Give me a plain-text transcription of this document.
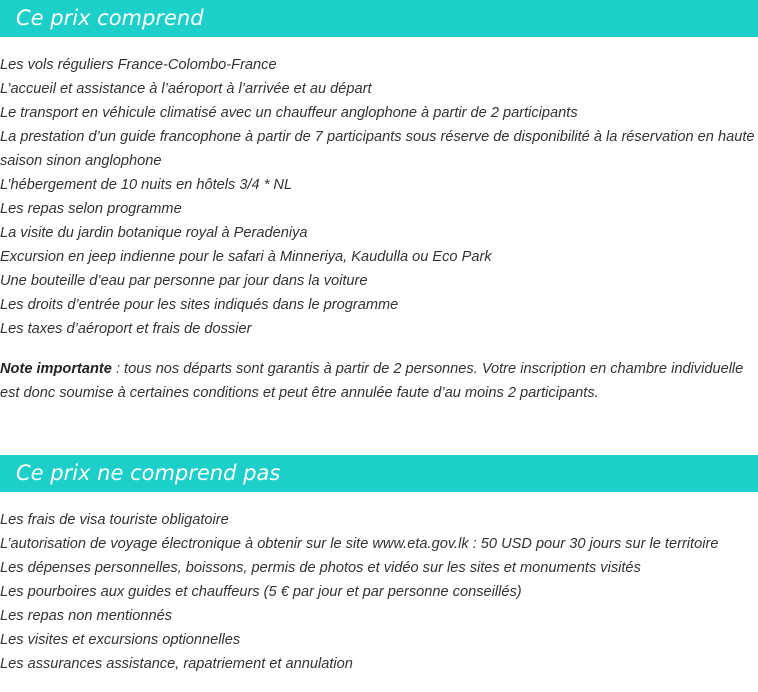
Ce prix comprend
Les vols réguliers France-Colombo-France
L’accueil et assistance à l’aéroport à l’arrivée et au départ
Le transport en véhicule climatisé avec un chauffeur anglophone à partir de 2 participants
La prestation d’un guide francophone à partir de 7 participants sous réserve de disponibilité à la réservation en haute saison sinon anglophone
L’hébergement de 10 nuits en hôtels 3/4 * NL
Les repas selon programme
La visite du jardin botanique royal à Peradeniya
Excursion en jeep indienne pour le safari à Minneriya, Kaudulla ou Eco Park
Une bouteille d’eau par personne par jour dans la voiture
Les droits d’entrée pour les sites indiqués dans le programme
Les taxes d’aéroport et frais de dossier

Note importante : tous nos départs sont garantis à partir de 2 personnes. Votre inscription en chambre individuelle est donc soumise à certaines conditions et peut être annulée faute d’au moins 2 participants.

Ce prix ne comprend pas
Les frais de visa touriste obligatoire
L’autorisation de voyage électronique à obtenir sur le site www.eta.gov.lk : 50 USD pour 30 jours sur le territoire
Les dépenses personnelles, boissons, permis de photos et vidéo sur les sites et monuments visités
Les pourboires aux guides et chauffeurs (5 € par jour et par personne conseillés)
Les repas non mentionnés
Les visites et excursions optionnelles
Les assurances assistance, rapatriement et annulation
